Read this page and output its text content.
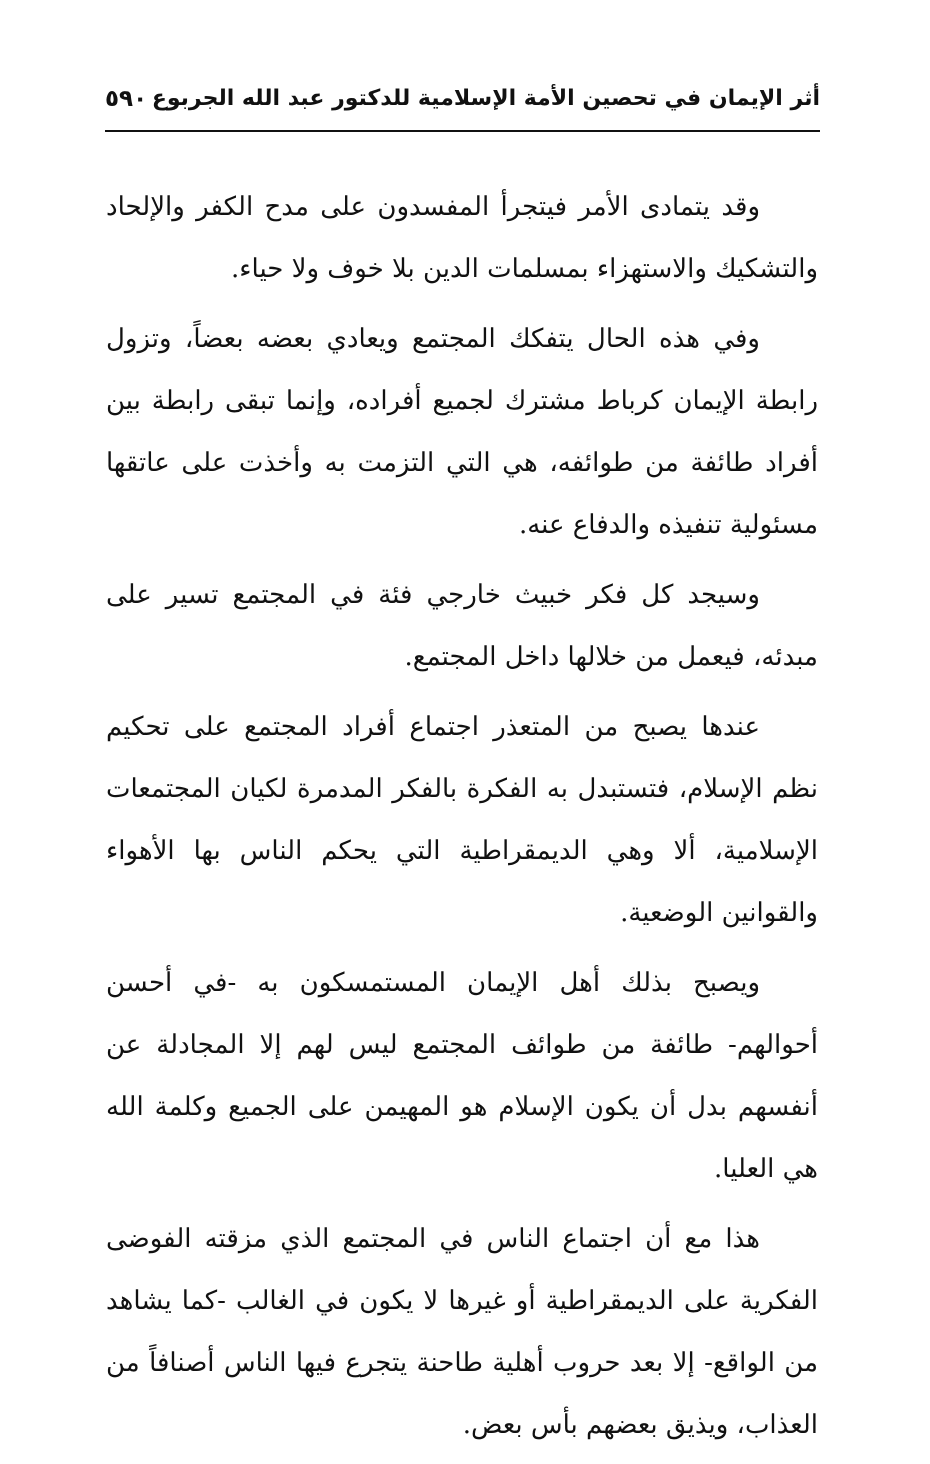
أثر الإيمان في تحصين الأمة الإسلامية للدكتور عبد الله الجربوع
٥٩٠

وقد يتمادى الأمر فيتجرأ المفسدون على مدح الكفر والإلحاد والتشكيك والاستهزاء بمسلمات الدين بلا خوف ولا حياء.

وفي هذه الحال يتفكك المجتمع ويعادي بعضه بعضاً، وتزول رابطة الإيمان كرباط مشترك لجميع أفراده، وإنما تبقى رابطة بين أفراد طائفة من طوائفه، هي التي التزمت به وأخذت على عاتقها مسئولية تنفيذه والدفاع عنه.

وسيجد كل فكر خبيث خارجي فئة في المجتمع تسير على مبدئه، فيعمل من خلالها داخل المجتمع.

عندها يصبح من المتعذر اجتماع أفراد المجتمع على تحكيم نظم الإسلام، فتستبدل به الفكرة بالفكر المدمرة لكيان المجتمعات الإسلامية، ألا وهي الديمقراطية التي يحكم الناس بها الأهواء والقوانين الوضعية.

ويصبح بذلك أهل الإيمان المستمسكون به -في أحسن أحوالهم- طائفة من طوائف المجتمع ليس لهم إلا المجادلة عن أنفسهم بدل أن يكون الإسلام هو المهيمن على الجميع وكلمة الله هي العليا.

هذا مع أن اجتماع الناس في المجتمع الذي مزقته الفوضى الفكرية على الديمقراطية أو غيرها لا يكون في الغالب -كما يشاهد من الواقع- إلا بعد حروب أهلية طاحنة يتجرع فيها الناس أصنافاً من العذاب، ويذيق بعضهم بأس بعض.
